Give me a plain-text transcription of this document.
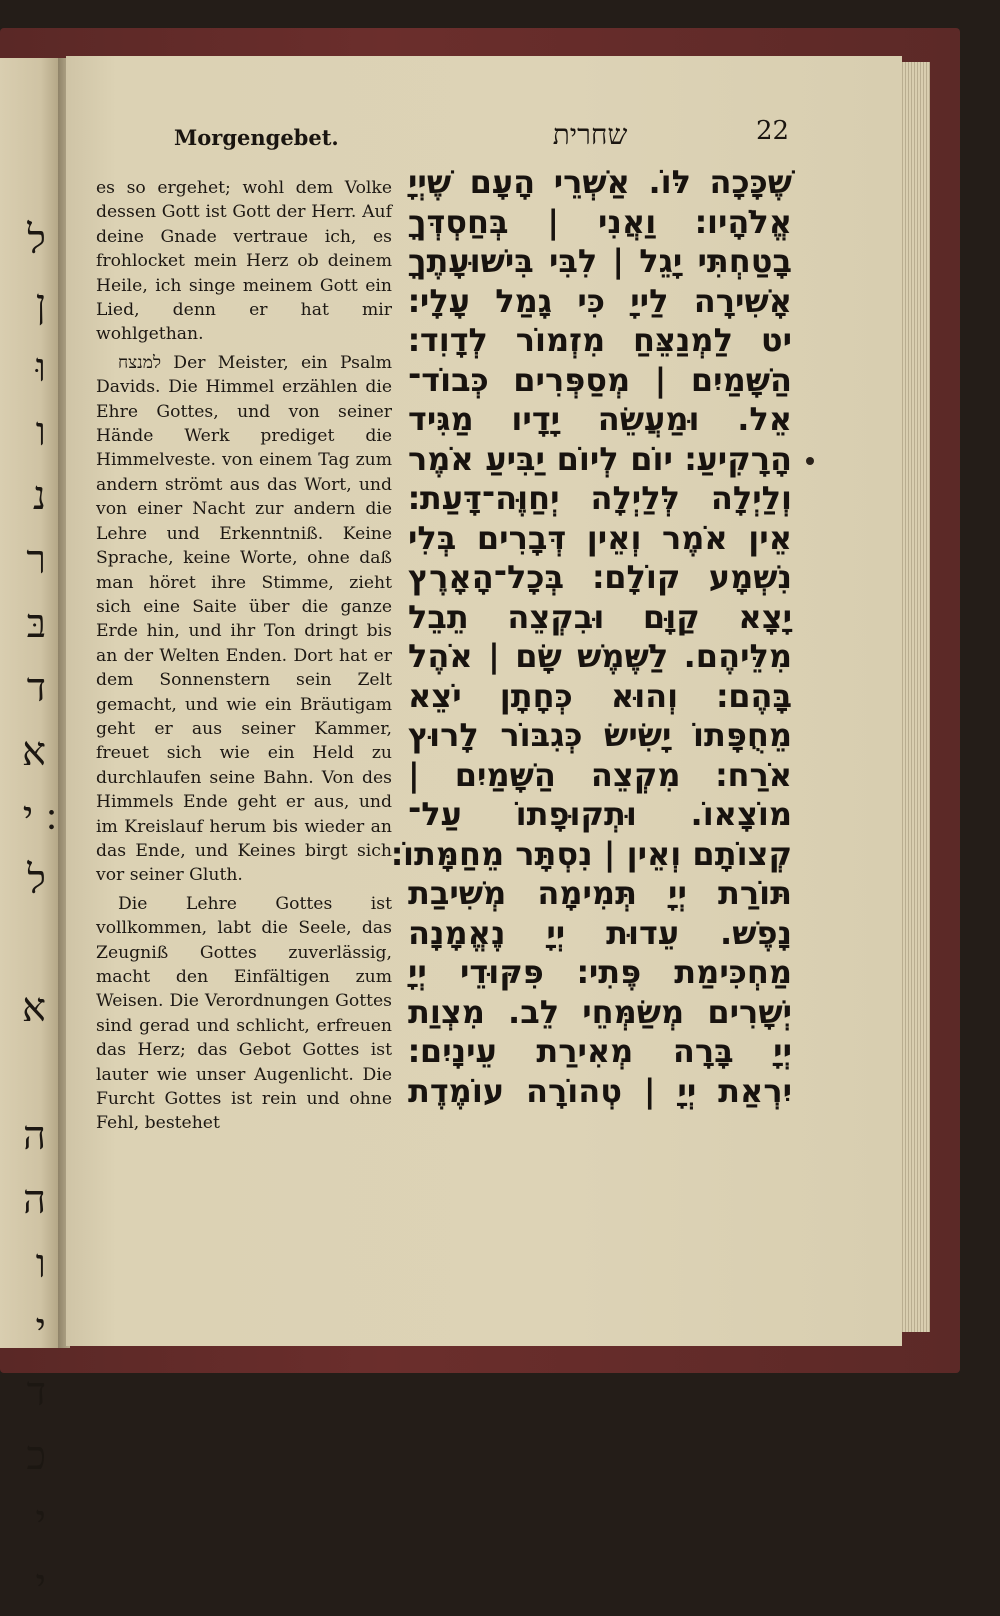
ל
ן
וּ
ו
נ
ר
בּ
ד
א
י
ל

א

ה
ה
ו
י
ד
כ
י
י
Morgengebet.	שחרית	22

es so ergehet; wohl dem Volke dessen Gott ist Gott der Herr. Auf deine Gnade vertraue ich, es frohlocket mein Herz ob deinem Heile, ich singe meinem Gott ein Lied, denn er hat mir wohlgethan.

למנצח Der Meister, ein Psalm Davids. Die Himmel erzählen die Ehre Gottes, und von seiner Hände Werk prediget die Himmelveste. von einem Tag zum andern strömt aus das Wort, und von einer Nacht zur andern die Lehre und Erkenntniß. Keine Sprache, keine Worte, ohne daß man höret ihre Stimme, zieht sich eine Saite über die ganze Erde hin, und ihr Ton dringt bis an der Welten Enden. Dort hat er dem Sonnenstern sein Zelt gemacht, und wie ein Bräutigam geht er aus seiner Kammer, freuet sich wie ein Held zu durchlaufen seine Bahn. Von des Himmels Ende geht er aus, und im Kreislauf herum bis wieder an das Ende, und Keines birgt sich vor seiner Gluth.

Die Lehre Gottes ist vollkommen, labt die Seele, das Zeugniß Gottes zuverlässig, macht den Einfältigen zum Weisen. Die Verordnungen Gottes sind gerad und schlicht, erfreuen das Herz; das Gebot Gottes ist lauter wie unser Augenlicht. Die Furcht Gottes ist rein und ohne Fehl, bestehet

שֶׁכָּכָה לּוֹ. אַשְׁרֵי הָעָם שֶׁיְיָ
אֱלֹהָיו׃ וַאֲנִי | בְּחַסְדְּךָ
בָטַחְתִּי יָגֵל | לִבִּי בִּישׁוּעָתֶךָ
אָשִׁירָה לַייָ כִּי גָמַל עָלָי׃
יט לַמְנַצֵּחַ מִזְמוֹר לְדָוִד׃
הַשָּׁמַיִם | מְסַפְּרִים כְּבוֹד־
אֵל. וּמַעֲשֵׂה יָדָיו מַגִּיד
הָרָקִיעַ׃ יוֹם לְיוֹם יַבִּיעַ אֹמֶר
וְלַיְלָה לְּלַיְלָה יְחַוֶּה־דָּעַת׃
אֵין אֹמֶר וְאֵין דְּבָרִים בְּלִי
נִשְׁמָע קוֹלָם׃ בְּכָל־הָאָרֶץ
יָצָא קַוָּם וּבִקְצֵה תֵבֵל
מִלֵּיהֶם. לַשֶּׁמֶשׁ שָׂם | אֹהֶל
בָּהֶם׃ וְהוּא כְּחָתָן יֹצֵא
מֵחֻפָּתוֹ יָשִׂישׂ כְּגִבּוֹר לָרוּץ
אֹרַח׃ מִקְצֵה הַשָּׁמַיִם |
מוֹצָאוֹ. וּתְקוּפָתוֹ עַל־
קְצוֹתָם וְאֵין | נִסְתָּר מֵחַמָּתוֹ׃
תּוֹרַת יְיָ תְּמִימָה מְשִׁיבַת
נָפֶשׁ. עֵדוּת יְיָ נֶאֱמָנָה
מַחְכִּימַת פֶּתִי׃ פִּקּוּדֵי יְיָ
יְשָׁרִים מְשַׂמְּחֵי לֵב. מִצְוַת
יְיָ בָּרָה מְאִירַת עֵינָיִם׃
יִרְאַת יְיָ | טְהוֹרָה עוֹמֶדֶת
